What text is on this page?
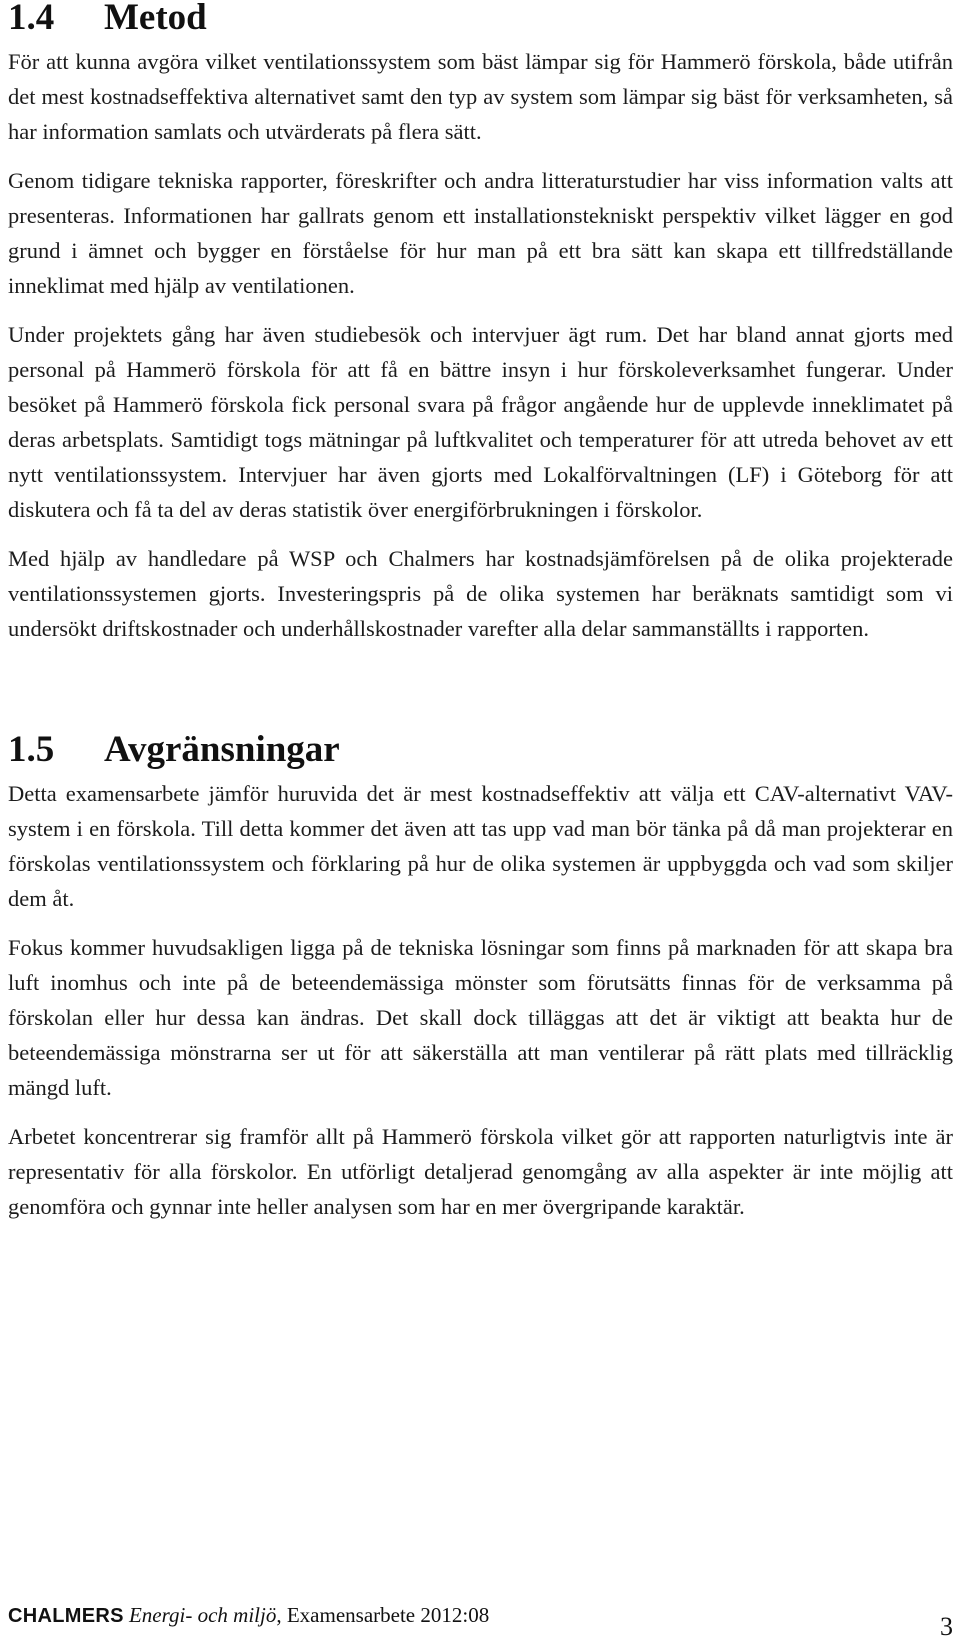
1.4 Metod

För att kunna avgöra vilket ventilationssystem som bäst lämpar sig för Hammerö förskola, både utifrån det mest kostnadseffektiva alternativet samt den typ av system som lämpar sig bäst för verksamheten, så har information samlats och utvärderats på flera sätt.

Genom tidigare tekniska rapporter, föreskrifter och andra litteraturstudier har viss information valts att presenteras. Informationen har gallrats genom ett installationstekniskt perspektiv vilket lägger en god grund i ämnet och bygger en förståelse för hur man på ett bra sätt kan skapa ett tillfredställande inneklimat med hjälp av ventilationen.

Under projektets gång har även studiebesök och intervjuer ägt rum. Det har bland annat gjorts med personal på Hammerö förskola för att få en bättre insyn i hur förskoleverksamhet fungerar. Under besöket på Hammerö förskola fick personal svara på frågor angående hur de upplevde inneklimatet på deras arbetsplats. Samtidigt togs mätningar på luftkvalitet och temperaturer för att utreda behovet av ett nytt ventilationssystem. Intervjuer har även gjorts med Lokalförvaltningen (LF) i Göteborg för att diskutera och få ta del av deras statistik över energiförbrukningen i förskolor.

Med hjälp av handledare på WSP och Chalmers har kostnadsjämförelsen på de olika projekterade ventilationssystemen gjorts. Investeringspris på de olika systemen har beräknats samtidigt som vi undersökt driftskostnader och underhållskostnader varefter alla delar sammanställts i rapporten.

1.5 Avgränsningar

Detta examensarbete jämför huruvida det är mest kostnadseffektiv att välja ett CAV-alternativt VAV-system i en förskola. Till detta kommer det även att tas upp vad man bör tänka på då man projekterar en förskolas ventilationssystem och förklaring på hur de olika systemen är uppbyggda och vad som skiljer dem åt.

Fokus kommer huvudsakligen ligga på de tekniska lösningar som finns på marknaden för att skapa bra luft inomhus och inte på de beteendemässiga mönster som förutsätts finnas för de verksamma på förskolan eller hur dessa kan ändras. Det skall dock tilläggas att det är viktigt att beakta hur de beteendemässiga mönstrarna ser ut för att säkerställa att man ventilerar på rätt plats med tillräcklig mängd luft.

Arbetet koncentrerar sig framför allt på Hammerö förskola vilket gör att rapporten naturligtvis inte är representativ för alla förskolor. En utförligt detaljerad genomgång av alla aspekter är inte möjlig att genomföra och gynnar inte heller analysen som har en mer övergripande karaktär.

CHALMERS Energi- och miljö, Examensarbete 2012:08	3
